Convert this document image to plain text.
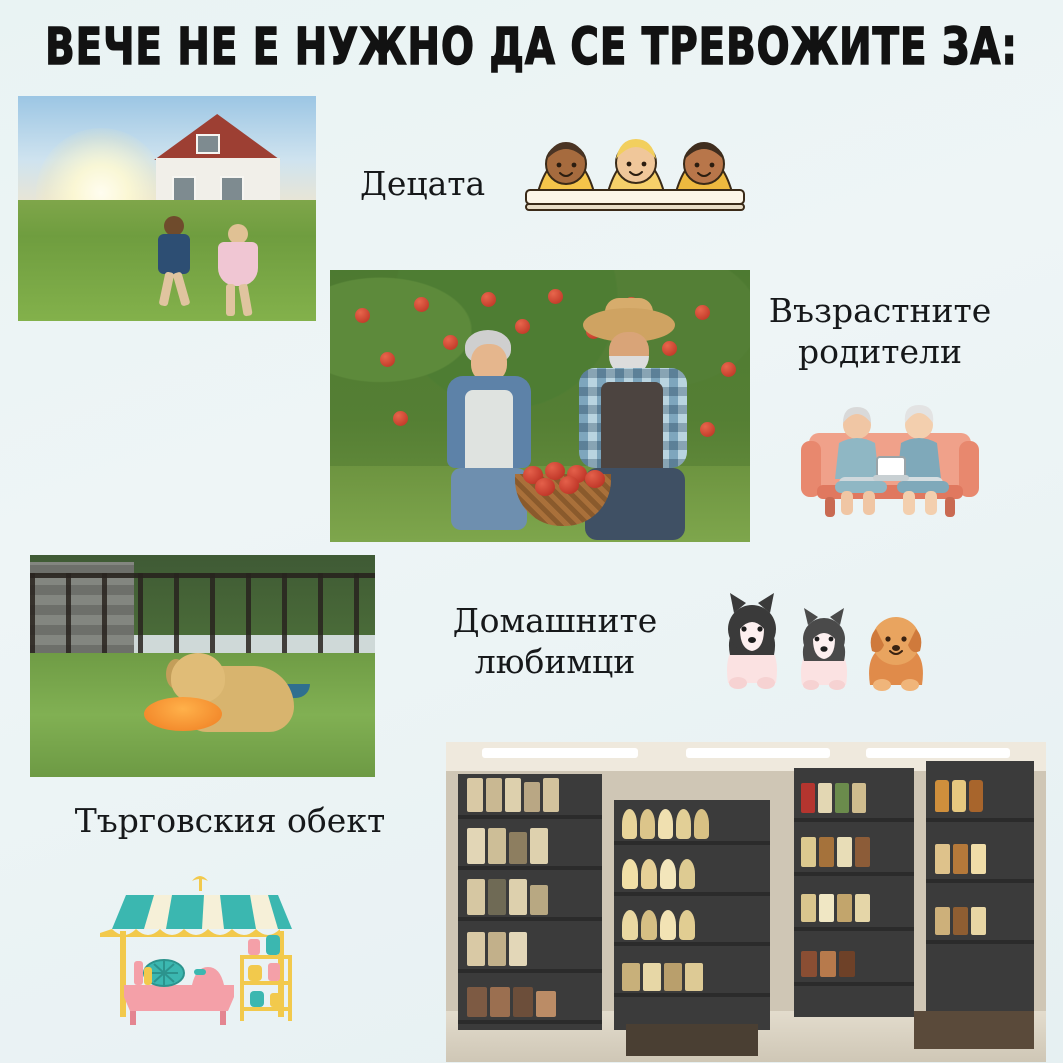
ВЕЧЕ НЕ Е НУЖНО ДА СЕ ТРЕВОЖИТЕ ЗА:
Децата
Възрастните родители
Домашните любимци
Търговския обект
